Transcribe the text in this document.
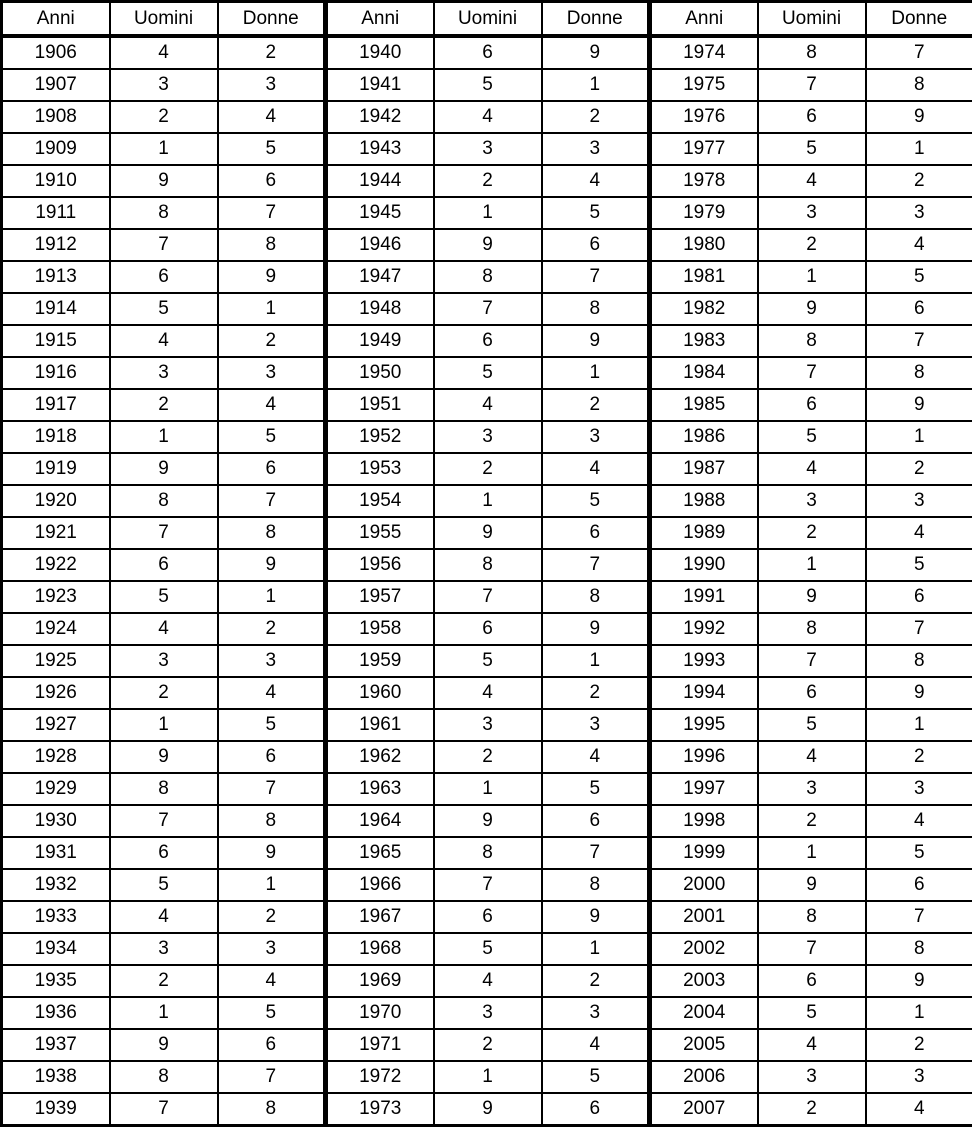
Anni	Uomini	Donne	Anni	Uomini	Donne	Anni	Uomini	Donne
1906	4	2	1940	6	9	1974	8	7
1907	3	3	1941	5	1	1975	7	8
1908	2	4	1942	4	2	1976	6	9
1909	1	5	1943	3	3	1977	5	1
1910	9	6	1944	2	4	1978	4	2
1911	8	7	1945	1	5	1979	3	3
1912	7	8	1946	9	6	1980	2	4
1913	6	9	1947	8	7	1981	1	5
1914	5	1	1948	7	8	1982	9	6
1915	4	2	1949	6	9	1983	8	7
1916	3	3	1950	5	1	1984	7	8
1917	2	4	1951	4	2	1985	6	9
1918	1	5	1952	3	3	1986	5	1
1919	9	6	1953	2	4	1987	4	2
1920	8	7	1954	1	5	1988	3	3
1921	7	8	1955	9	6	1989	2	4
1922	6	9	1956	8	7	1990	1	5
1923	5	1	1957	7	8	1991	9	6
1924	4	2	1958	6	9	1992	8	7
1925	3	3	1959	5	1	1993	7	8
1926	2	4	1960	4	2	1994	6	9
1927	1	5	1961	3	3	1995	5	1
1928	9	6	1962	2	4	1996	4	2
1929	8	7	1963	1	5	1997	3	3
1930	7	8	1964	9	6	1998	2	4
1931	6	9	1965	8	7	1999	1	5
1932	5	1	1966	7	8	2000	9	6
1933	4	2	1967	6	9	2001	8	7
1934	3	3	1968	5	1	2002	7	8
1935	2	4	1969	4	2	2003	6	9
1936	1	5	1970	3	3	2004	5	1
1937	9	6	1971	2	4	2005	4	2
1938	8	7	1972	1	5	2006	3	3
1939	7	8	1973	9	6	2007	2	4
